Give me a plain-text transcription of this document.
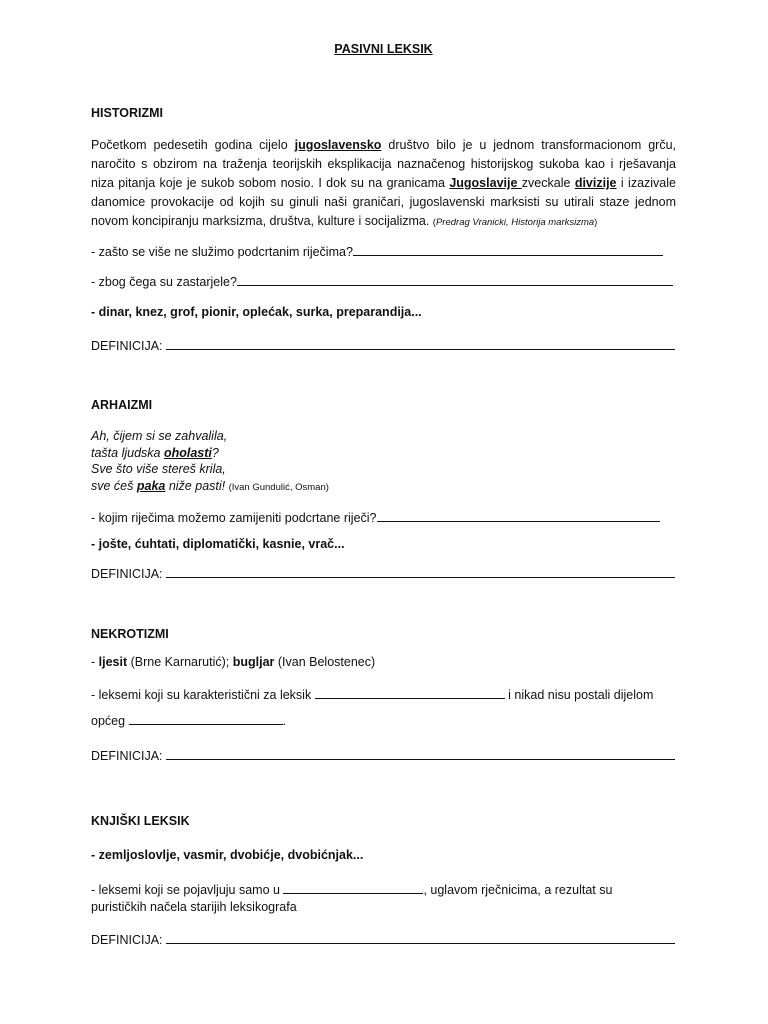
PASIVNI LEKSIK
HISTORIZMI
Početkom pedesetih godina cijelo jugoslavensko društvo bilo je u jednom transformacionom grču, naročito s obzirom na traženja teorijskih eksplikacija naznačenog historijskog sukoba kao i rješavanja niza pitanja koje je sukob sobom nosio. I dok su na granicama Jugoslavije zveckale divizije i izazivale danomice provokacije od kojih su ginuli naši graničari, jugoslavenski marksisti su utirali staze jednom novom koncipiranju marksizma, društva, kulture i socijalizma. (Predrag Vranicki, Historija marksizma)
- zašto se više ne služimo podcrtanim riječima?
- zbog čega su zastarjele?
- dinar, knez, grof, pionir, oplećak, surka, preparandija...
DEFINICIJA:
ARHAIZMI
Ah, čijem si se zahvalila,
tašta ljudska oholasti?
Sve što više stereš krila,
sve ćeš paka niže pasti! (Ivan Gundulić, Osman)
- kojim riječima možemo zamijeniti podcrtane riječi?
- jošte, ćuhtati, diplomatički, kasnie, vrač...
DEFINICIJA:
NEKROTIZMI
- ljesit (Brne Karnarutić); bugljar (Ivan Belostenec)
- leksemi koji su karakteristični za leksik	i nikad nisu postali dijelom
općeg	.
DEFINICIJA:
KNJIŠKI LEKSIK
- zemljoslovlje, vasmir, dvobićje, dvobićnjak...
- leksemi koji se pojavljuju samo u	, uglavom rječnicima, a rezultat su
purističkih načela starijih leksikografa
DEFINICIJA:
